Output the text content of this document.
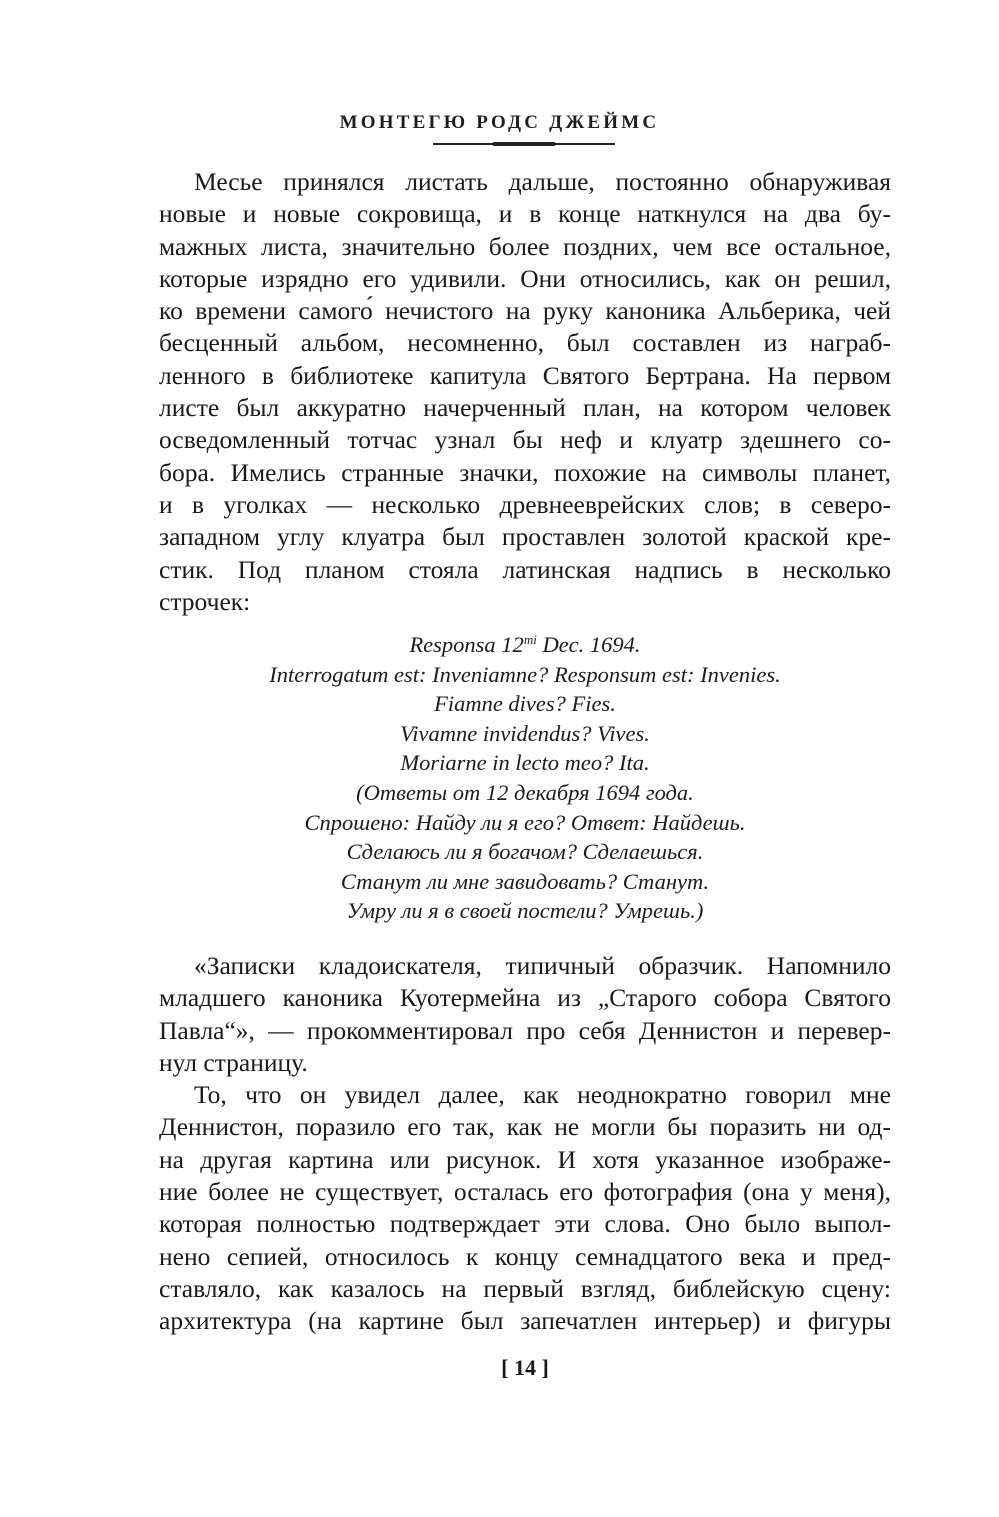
МОНТЕГЮ РОДС ДЖЕЙМС
Месье принялся листать дальше, постоянно обнаруживая
новые и новые сокровища, и в конце наткнулся на два бу-
мажных листа, значительно более поздних, чем все остальное,
которые изрядно его удивили. Они относились, как он решил,
ко времени самого́ нечистого на руку каноника Альберика, чей
бесценный альбом, несомненно, был составлен из награб-
ленного в библиотеке капитула Святого Бертрана. На первом
листе был аккуратно начерченный план, на котором человек
осведомленный тотчас узнал бы неф и клуатр здешнего со-
бора. Имелись странные значки, похожие на символы планет,
и в уголках — несколько древнееврейских слов; в северо-
западном углу клуатра был проставлен золотой краской кре-
стик. Под планом стояла латинская надпись в несколько
строчек:
Responsa $12^{mi}$ Dec. 1694.
Interrogatum est: Inveniamne? Responsum est: Invenies.
Fiamne dives? Fies.
Vivamne invidendus? Vives.
Moriarne in lecto meo? Ita.
(Ответы от 12 декабря 1694 года.
Спрошено: Найду ли я его? Ответ: Найдешь.
Сделаюсь ли я богачом? Сделаешься.
Станут ли мне завидовать? Станут.
Умру ли я в своей постели? Умрешь.)
«Записки кладоискателя, типичный образчик. Напомнило
младшего каноника Куотермейна из „Старого собора Святого
Павла“», — прокомментировал про себя Деннистон и перевер-
нул страницу.
То, что он увидел далее, как неоднократно говорил мне
Деннистон, поразило его так, как не могли бы поразить ни од-
на другая картина или рисунок. И хотя указанное изображе-
ние более не существует, осталась его фотография (она у меня),
которая полностью подтверждает эти слова. Оно было выпол-
нено сепией, относилось к концу семнадцатого века и пред-
ставляло, как казалось на первый взгляд, библейскую сцену:
архитектура (на картине был запечатлен интерьер) и фигуры
[ 14 ]
